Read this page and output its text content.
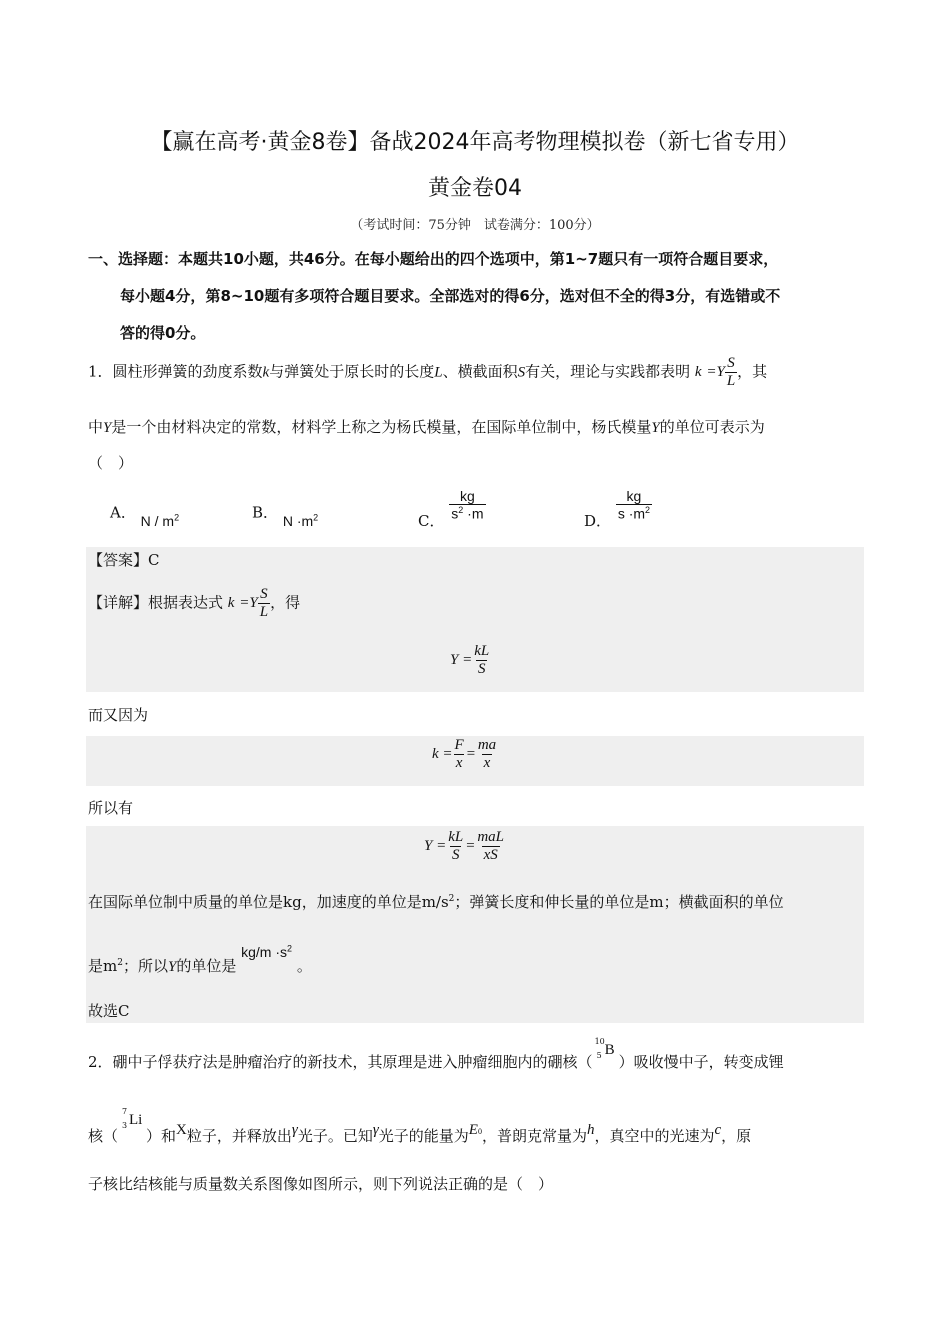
【赢在高考·黄金8卷】备战2024年高考物理模拟卷（新七省专用）
黄金卷04
（考试时间：75分钟　试卷满分：100分）
一、选择题：本题共10小题，共46分。在每小题给出的四个选项中，第1~7题只有一项符合题目要求，
每小题4分，第8~10题有多项符合题目要求。全部选对的得6分，选对但不全的得3分，有选错或不
答的得0分。
1．圆柱形弹簧的劲度系数k与弹簧处于原长时的长度L、横截面积S有关，理论与实践都表明 k
$=Y \frac{S}{L}$ ，其
中Y是一个由材料决定的常数，材料学上称之为杨氏模量，在国际单位制中，杨氏模量Y的单位可表示为
（　）
A． N / $m^2$	B． $N \cdot m^2$	C． $\frac{kg}{s^2 \cdot m}$	D． $\frac{kg}{s \cdot m^2}$
【答案】C
【详解】根据表达式 k
$=Y \frac{S}{L}$ ，得
$Y = \frac{kL}{S}$
而又因为
$k = \frac{F}{x} = \frac{ma}{x}$
所以有
$Y = \frac{kL}{S} = \frac{\text{maL}}{xS}$
在国际单位制中质量的单位是kg，加速度的单位是$m/s^2$；弹簧长度和伸长量的单位是m；横截面积的单位
是$m^2$；所以Y的单位是 $kg/m \cdot s^2$ 。
故选C
2．硼中子俘获疗法是肿瘤治疗的新技术，其原理是进入肿瘤细胞内的硼核（
10
5 B
）吸收慢中子，转变成锂
核（
7
3 Li
）和X粒子，并释放出γ光子。已知γ光子的能量为E0，普朗克常量为h，真空中的光速为c，原
子核比结核能与质量数关系图像如图所示，则下列说法正确的是（　）
